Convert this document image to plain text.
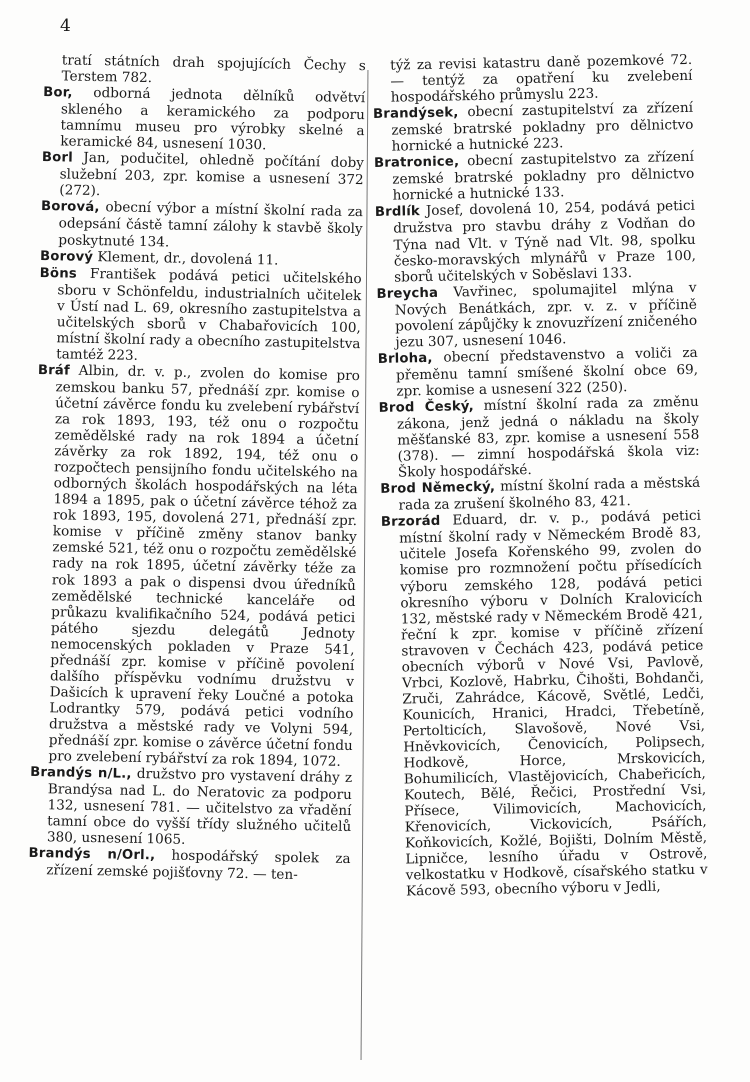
4

tratí státních drah spojujících Čechy s Terstem 782.

Bor, odborná jednota dělníků odvětví skleného a keramického za podporu tamnímu museu pro výrobky skelné a keramické 84, usnesení 1030.

Borl Jan, podučitel, ohledně počítání doby služební 203, zpr. komise a usnesení 372 (272).

Borová, obecní výbor a místní školní rada za odepsání částě tamní zálohy k stavbě školy poskytnuté 134.

Borový Klement, dr., dovolená 11.

Böns František podává petici učitelského sboru v Schönfeldu, industrialních učitelek v Ústí nad L. 69, okresního zastupitelstva a učitelských sborů v Chabařovicích 100, místní školní rady a obecního zastupitelstva tamtéž 223.

Bráf Albin, dr. v. p., zvolen do komise pro zemskou banku 57, přednáší zpr. komise o účetní závěrce fondu ku zvelebení rybářství za rok 1893, 193, též onu o rozpočtu zemědělské rady na rok 1894 a účetní závěrky za rok 1892, 194, též onu o rozpočtech pensijního fondu učitelského na odborných školách hospodářských na léta 1894 a 1895, pak o účetní závěrce téhož za rok 1893, 195, dovolená 271, přednáší zpr. komise v příčině změny stanov banky zemské 521, též onu o rozpočtu zemědělské rady na rok 1895, účetní závěrky téže za rok 1893 a pak o dispensi dvou úředníků zemědělské technické kanceláře od průkazu kvalifikačního 524, podává petici pátého sjezdu delegátů Jednoty nemocenských pokladen v Praze 541, přednáší zpr. komise v příčině povolení dalšího příspěvku vodnímu družstvu v Dašicích k upravení řeky Loučné a potoka Lodrantky 579, podává petici vodního družstva a městské rady ve Volyni 594, přednáší zpr. komise o závěrce účetní fondu pro zvelebení rybářství za rok 1894, 1072.

Brandýs n/L., družstvo pro vystavení dráhy z Brandýsa nad L. do Neratovic za podporu 132, usnesení 781. — učitelstvo za vřadění tamní obce do vyšší třídy služného učitelů 380, usnesení 1065.

Brandýs n/Orl., hospodářský spolek za zřízení zemské pojišťovny 72. — ten-

týž za revisi katastru daně pozemkové 72. — tentýž za opatření ku zvelebení hospodářského průmyslu 223.

Brandýsek, obecní zastupitelství za zřízení zemské bratrské pokladny pro dělnictvo hornické a hutnické 223.

Bratronice, obecní zastupitelstvo za zřízení zemské bratrské pokladny pro dělnictvo hornické a hutnické 133.

Brdlík Josef, dovolená 10, 254, podává petici družstva pro stavbu dráhy z Vodňan do Týna nad Vlt. v Týně nad Vlt. 98, spolku česko-moravských mlynářů v Praze 100, sborů učitelských v Soběslavi 133.

Breycha Vavřinec, spolumajitel mlýna v Nových Benátkách, zpr. v. z. v příčině povolení zápůjčky k znovuzřízení zničeného jezu 307, usnesení 1046.

Brloha, obecní představenstvo a voliči za přeměnu tamní smíšené školní obce 69, zpr. komise a usnesení 322 (250).

Brod Český, místní školní rada za změnu zákona, jenž jedná o nákladu na školy měšťanské 83, zpr. komise a usnesení 558 (378). — zimní hospodářská škola viz: Školy hospodářské.

Brod Německý, místní školní rada a městská rada za zrušení školného 83, 421.

Brzorád Eduard, dr. v. p., podává petici místní školní rady v Německém Brodě 83, učitele Josefa Kořenského 99, zvolen do komise pro rozmnožení počtu přísedících výboru zemského 128, podává petici okresního výboru v Dolních Kralovicích 132, městské rady v Německém Brodě 421, řeční k zpr. komise v příčině zřízení stravoven v Čechách 423, podává petice obecních výborů v Nové Vsi, Pavlově, Vrbci, Kozlově, Habrku, Čihošti, Bohdanči, Zruči, Zahrádce, Kácově, Světlé, Ledči, Kounicích, Hranici, Hradci, Třebetíně, Pertolticích, Slavošově, Nové Vsi, Hněvkovicích, Čenovicích, Polipsech, Hodkově, Horce, Mrskovicích, Bohumilicích, Vlastějovicích, Chabeřicích, Koutech, Bělé, Řečici, Prostřední Vsi, Přísece, Vilimovicích, Machovicích, Křenovicích, Vickovicích, Psářích, Koňkovicích, Kožlé, Bojišti, Dolním Městě, Lipničce, lesního úřadu v Ostrově, velkostatku v Hodkově, císařského statku v Kácově 593, obecního výboru v Jedli,
